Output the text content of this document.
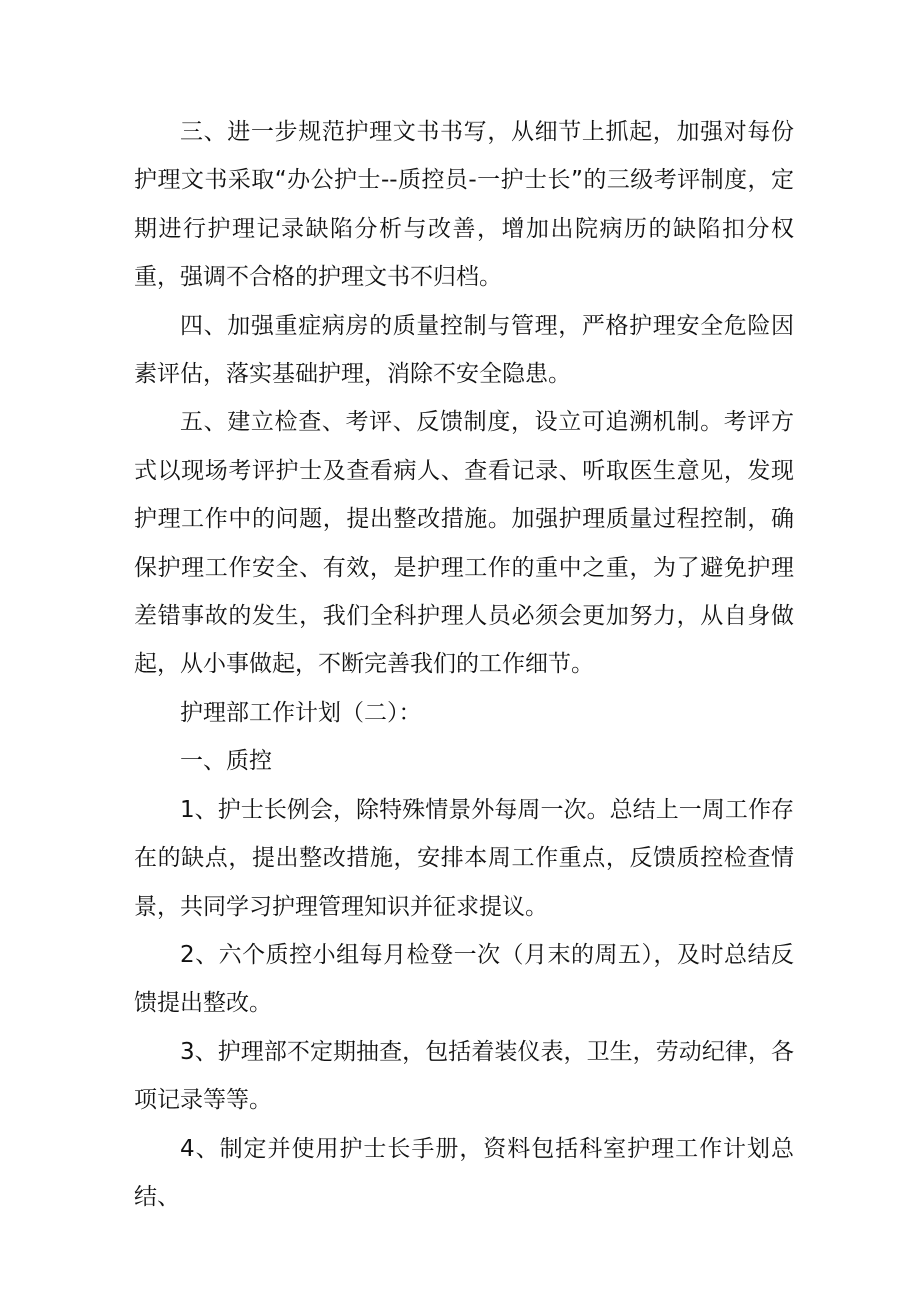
三、进一步规范护理文书书写，从细节上抓起，加强对每份护理文书采取“办公护士--质控员-一护士长”的三级考评制度，定期进行护理记录缺陷分析与改善，增加出院病历的缺陷扣分权重，强调不合格的护理文书不归档。

四、加强重症病房的质量控制与管理，严格护理安全危险因素评估，落实基础护理，消除不安全隐患。

五、建立检查、考评、反馈制度，设立可追溯机制。考评方式以现场考评护士及查看病人、查看记录、听取医生意见，发现护理工作中的问题，提出整改措施。加强护理质量过程控制，确保护理工作安全、有效，是护理工作的重中之重，为了避免护理差错事故的发生，我们全科护理人员必须会更加努力，从自身做起，从小事做起，不断完善我们的工作细节。

护理部工作计划（二）：

一、质控

1、护士长例会，除特殊情景外每周一次。总结上一周工作存在的缺点，提出整改措施，安排本周工作重点，反馈质控检查情景，共同学习护理管理知识并征求提议。

2、六个质控小组每月检登一次（月末的周五），及时总结反馈提出整改。

3、护理部不定期抽查，包括着装仪表，卫生，劳动纪律，各项记录等等。

4、制定并使用护士长手册，资料包括科室护理工作计划总结、
